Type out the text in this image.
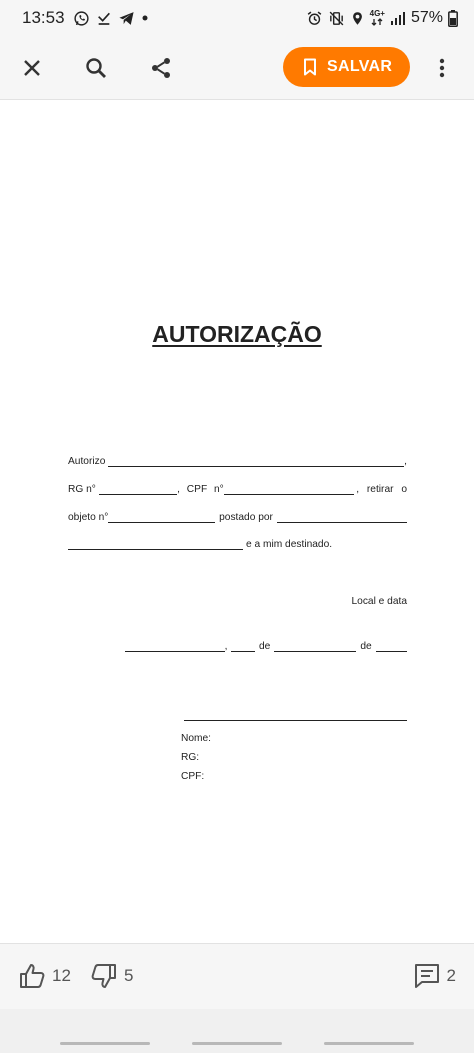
13:53	4G+ 57%
SALVAR
AUTORIZAÇÃO
Autorizo	,
RG n°	, CPF n°	, retirar o
objeto n°	postado por
e a mim destinado.
Local e data
,	de	de
Nome:
RG:
CPF:
12	5	2
